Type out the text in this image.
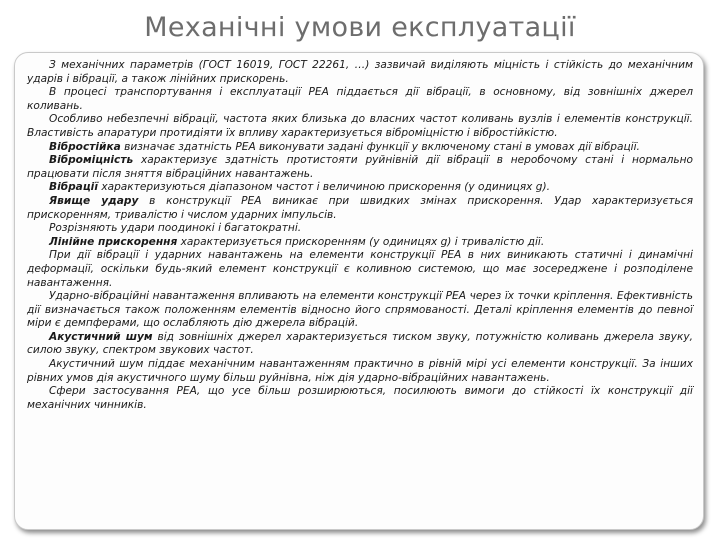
Механічні умови експлуатації

З механічних параметрів (ГОСТ 16019, ГОСТ 22261, …) зазвичай виділяють міцність і стійкість до механічним ударів і вібрації, а також лінійних прискорень.

В процесі транспортування і експлуатації РЕА піддається дії вібрації, в основному, від зовнішніх джерел коливань.

Особливо небезпечні вібрації, частота яких близька до власних частот коливань вузлів і елементів конструкції. Властивість апаратури протидіяти їх впливу характеризується віброміцністю і вібростійкістю.

Вібростійка визначає здатність РЕА виконувати задані функції у включеному стані в умовах дії вібрації.

Віброміцність характеризує здатність протистояти руйнівній дії вібрації в неробочому стані і нормально працювати після зняття вібраційних навантажень.

Вібрації характеризуються діапазоном частот і величиною прискорення (у одиницях g).

Явище удару в конструкції РЕА виникає при швидких змінах прискорення. Удар характеризується прискоренням, тривалістю і числом ударних імпульсів.

Розрізняють удари поодинокі і багатократні.

Лінійне прискорення характеризується прискоренням (у одиницях g) і тривалістю дії.

При дії вібрації і ударних навантажень на елементи конструкції РЕА в них виникають статичні і динамічні деформації, оскільки будь-який елемент конструкції є коливною системою, що має зосереджене і розподілене навантаження.

Ударно-вібраційні навантаження впливають на елементи конструкції РЕА через їх точки кріплення. Ефективність дії визначається також положенням елементів відносно його спрямованості. Деталі кріплення елементів до певної міри є демпферами, що ослабляють дію джерела вібрацій.

Акустичний шум від зовнішніх джерел характеризується тиском звуку, потужністю коливань джерела звуку, силою звуку, спектром звукових частот.

Акустичний шум піддає механічним навантаженням практично в рівній мірі усі елементи конструкції. За інших рівних умов дія акустичного шуму більш руйнівна, ніж дія ударно-вібраційних навантажень.

Сфери застосування РЕА, що усе більш розширюються, посилюють вимоги до стійкості їх конструкції дії механічних чинників.
